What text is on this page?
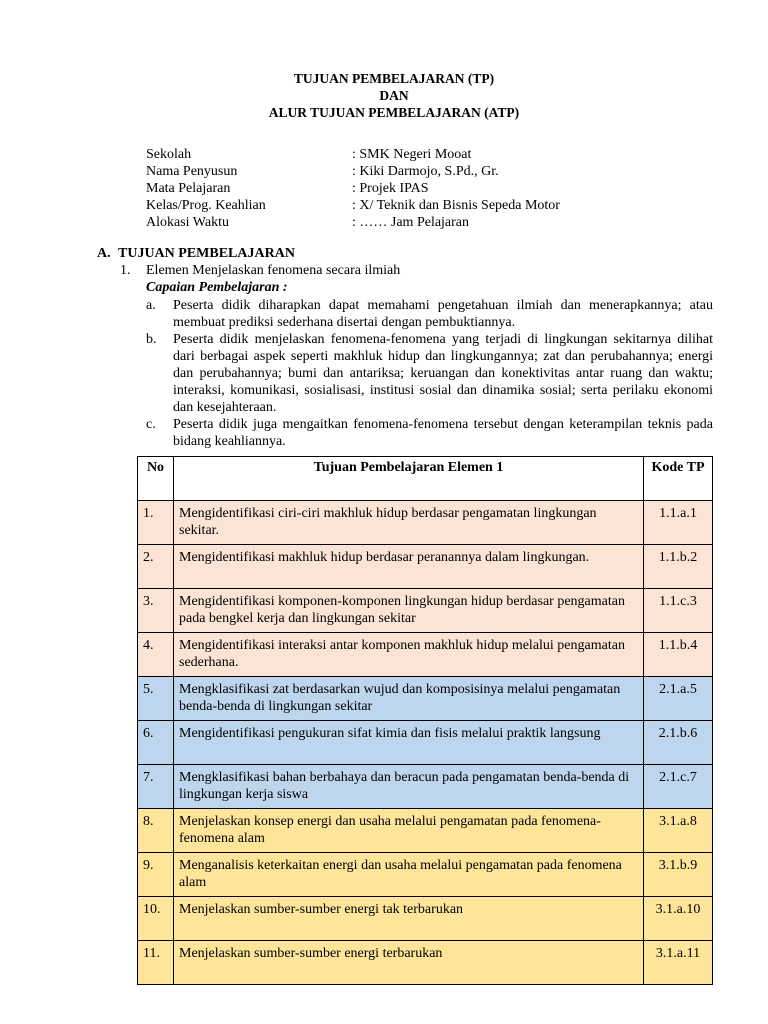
TUJUAN PEMBELAJARAN (TP)
DAN
ALUR TUJUAN PEMBELAJARAN (ATP)
Sekolah	: SMK Negeri Mooat
Nama Penyusun	: Kiki Darmojo, S.Pd., Gr.
Mata Pelajaran	: Projek IPAS
Kelas/Prog. Keahlian	: X/ Teknik dan Bisnis Sepeda Motor
Alokasi Waktu	: …… Jam Pelajaran
A. TUJUAN PEMBELAJARAN
1. Elemen Menjelaskan fenomena secara ilmiah
Capaian Pembelajaran :
a.	Peserta didik diharapkan dapat memahami pengetahuan ilmiah dan menerapkannya; atau membuat prediksi sederhana disertai dengan pembuktiannya.
b.	Peserta didik menjelaskan fenomena-fenomena yang terjadi di lingkungan sekitarnya dilihat dari berbagai aspek seperti makhluk hidup dan lingkungannya; zat dan perubahannya; energi dan perubahannya; bumi dan antariksa; keruangan dan konektivitas antar ruang dan waktu; interaksi, komunikasi, sosialisasi, institusi sosial dan dinamika sosial; serta perilaku ekonomi dan kesejahteraan.
c.	Peserta didik juga mengaitkan fenomena-fenomena tersebut dengan keterampilan teknis pada bidang keahliannya.
No	Tujuan Pembelajaran Elemen 1	Kode TP
1.	Mengidentifikasi ciri-ciri makhluk hidup berdasar pengamatan lingkungan sekitar.	1.1.a.1
2.	Mengidentifikasi makhluk hidup berdasar peranannya dalam lingkungan.	1.1.b.2
3.	Mengidentifikasi komponen-komponen lingkungan hidup berdasar pengamatan pada bengkel kerja dan lingkungan sekitar	1.1.c.3
4.	Mengidentifikasi interaksi antar komponen makhluk hidup melalui pengamatan sederhana.	1.1.b.4
5.	Mengklasifikasi zat berdasarkan wujud dan komposisinya melalui pengamatan benda-benda di lingkungan sekitar	2.1.a.5
6.	Mengidentifikasi pengukuran sifat kimia dan fisis melalui praktik langsung	2.1.b.6
7.	Mengklasifikasi bahan berbahaya dan beracun pada pengamatan benda-benda di lingkungan kerja siswa	2.1.c.7
8.	Menjelaskan konsep energi dan usaha melalui pengamatan pada fenomena-fenomena alam	3.1.a.8
9.	Menganalisis keterkaitan energi dan usaha melalui pengamatan pada fenomena alam	3.1.b.9
10.	Menjelaskan sumber-sumber energi tak terbarukan	3.1.a.10
11.	Menjelaskan sumber-sumber energi terbarukan	3.1.a.11
